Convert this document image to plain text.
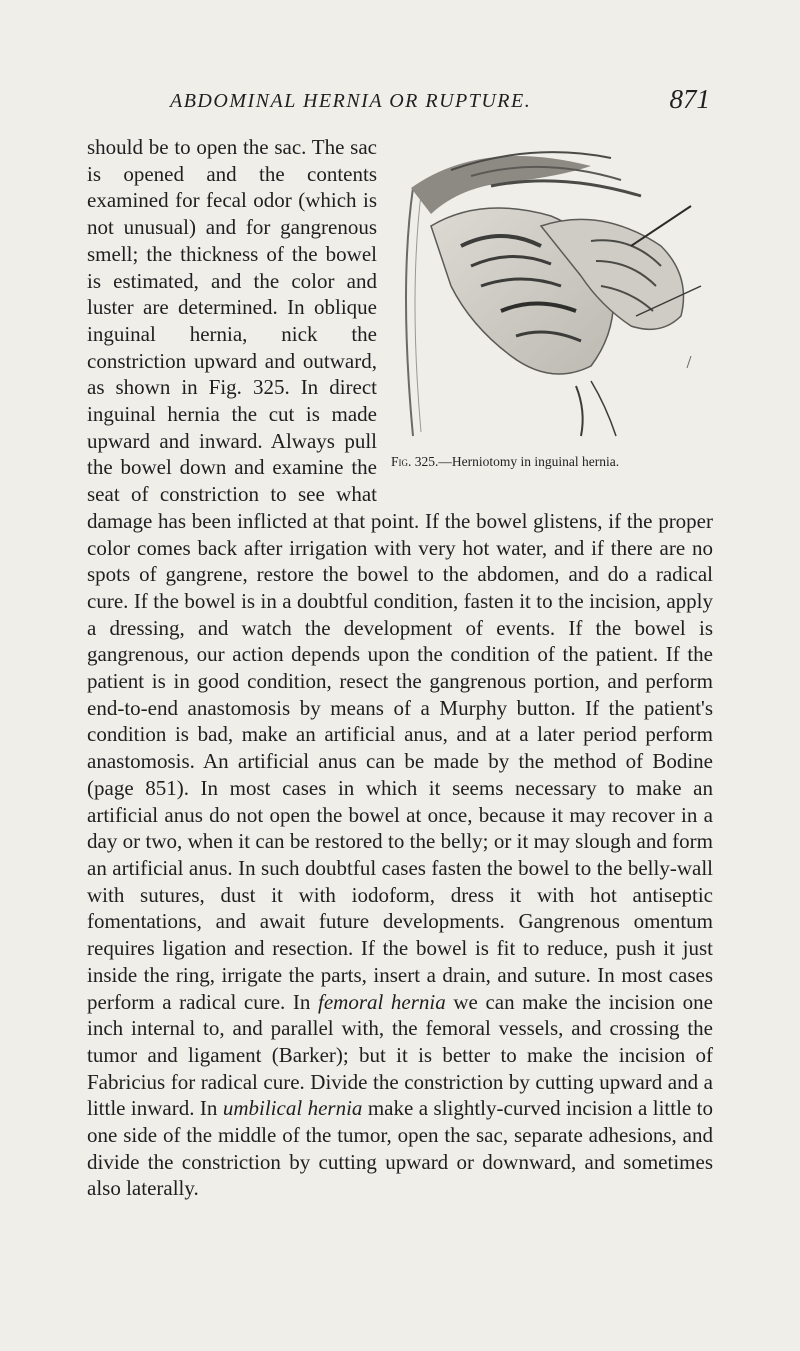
ABDOMINAL HERNIA OR RUPTURE.	871
Fig. 325.—Herniotomy in inguinal hernia.

should be to open the sac. The sac is opened and the contents examined for fecal odor (which is not unusual) and for gangrenous smell; the thickness of the bowel is estimated, and the color and luster are determined. In oblique inguinal hernia, nick the constriction upward and outward, as shown in Fig. 325. In direct inguinal hernia the cut is made upward and inward. Always pull the bowel down and examine the seat of constriction to see what damage has been inflicted at that point. If the bowel glistens, if the proper color comes back after irrigation with very hot water, and if there are no spots of gangrene, restore the bowel to the abdomen, and do a radical cure. If the bowel is in a doubtful condition, fasten it to the incision, apply a dressing, and watch the development of events. If the bowel is gangrenous, our action depends upon the condition of the patient. If the patient is in good condition, resect the gangrenous portion, and perform end-to-end anastomosis by means of a Murphy button. If the patient's condition is bad, make an artificial anus, and at a later period perform anastomosis. An artificial anus can be made by the method of Bodine (page 851). In most cases in which it seems necessary to make an artificial anus do not open the bowel at once, because it may recover in a day or two, when it can be restored to the belly; or it may slough and form an artificial anus. In such doubtful cases fasten the bowel to the belly-wall with sutures, dust it with iodoform, dress it with hot antiseptic fomentations, and await future developments. Gangrenous omentum requires ligation and resection. If the bowel is fit to reduce, push it just inside the ring, irrigate the parts, insert a drain, and suture. In most cases perform a radical cure. In femoral hernia we can make the incision one inch internal to, and parallel with, the femoral vessels, and crossing the tumor and ligament (Barker); but it is better to make the incision of Fabricius for radical cure. Divide the constriction by cutting upward and a little inward. In umbilical hernia make a slightly-curved incision a little to one side of the middle of the tumor, open the sac, separate adhesions, and divide the constriction by cutting upward or downward, and sometimes also laterally.
